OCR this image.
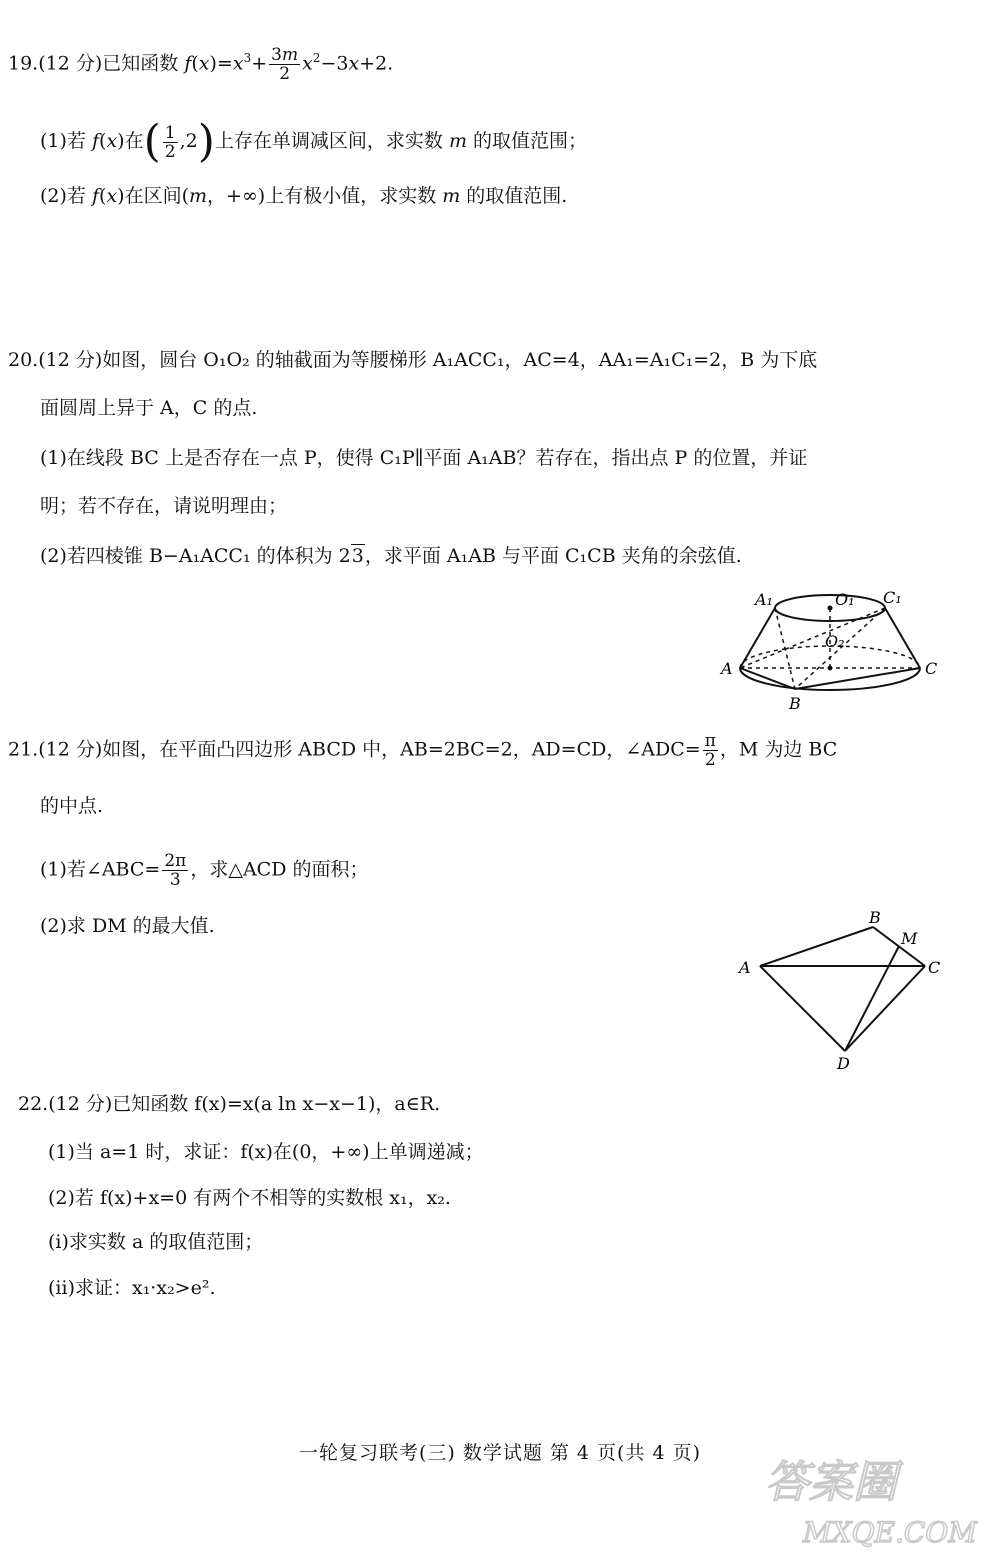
19.(12 分)已知函数 $f(x)=x^3+ \frac{3m}{2} x^2-3x+2$.
(1)若 f(x)在( $\frac{1}{2} ,2$)上存在单调减区间，求实数 m 的取值范围；
(2)若 f(x)在区间(m，+∞)上有极小值，求实数 m 的取值范围.
20.(12 分)如图，圆台 O₁O₂ 的轴截面为等腰梯形 A₁ACC₁，AC=4，AA₁=A₁C₁=2，B 为下底
面圆周上异于 A，C 的点.
(1)在线段 BC 上是否存在一点 P，使得 C₁P∥平面 A₁AB？若存在，指出点 P 的位置，并证
明；若不存在，请说明理由；
(2)若四棱锥 B−A₁ACC₁ 的体积为 23，求平面 A₁AB 与平面 C₁CB 夹角的余弦值.
A₁	O₁ C₁
A
O₂
C
B
21.(12 分)如图，在平面凸四边形 ABCD 中，AB=2BC=2，AD=CD，∠ADC= $\frac{\pi}{2}$ ，M 为边 BC
的中点.
(1)若∠ABC= $\frac{2\pi}{3}$ ，求△ACD 的面积；
(2)求 DM 的最大值.
A
B
M
C
D
22.(12 分)已知函数 f(x)=x(a ln x−x−1)，a∈R.
(1)当 a=1 时，求证：f(x)在(0，+∞)上单调递减；
(2)若 f(x)+x=0 有两个不相等的实数根 x₁，x₂.
(ⅰ)求实数 a 的取值范围；
(ⅱ)求证：x₁·x₂>e².
一轮复习联考(三) 数学试题 第 4 页(共 4 页)
答案圈
MXQE.COM
